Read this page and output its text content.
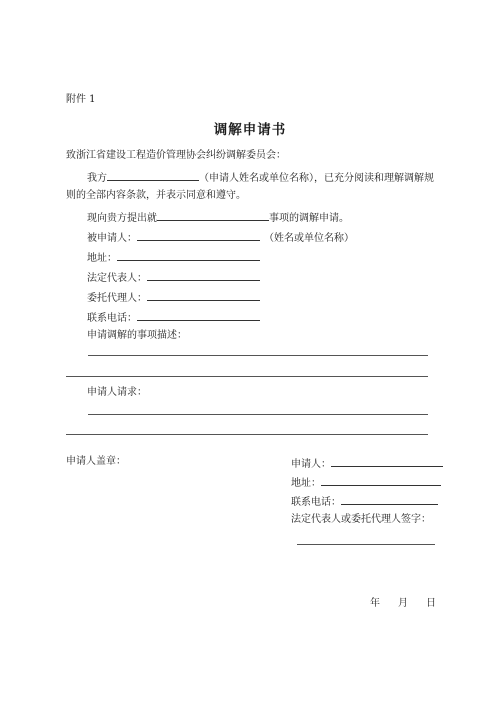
附件 1
调解申请书
致浙江省建设工程造价管理协会纠纷调解委员会：
我方	（申请人姓名或单位名称），已充分阅读和理解调解规
则的全部内容条款，并表示同意和遵守。
现向贵方提出就	事项的调解申请。
被申请人：	（姓名或单位名称）
地址：
法定代表人：
委托代理人：
联系电话：
申请调解的事项描述：
申请人请求：
申请人盖章：	申请人：
地址：
联系电话：
法定代表人或委托代理人签字：
年 月 日
